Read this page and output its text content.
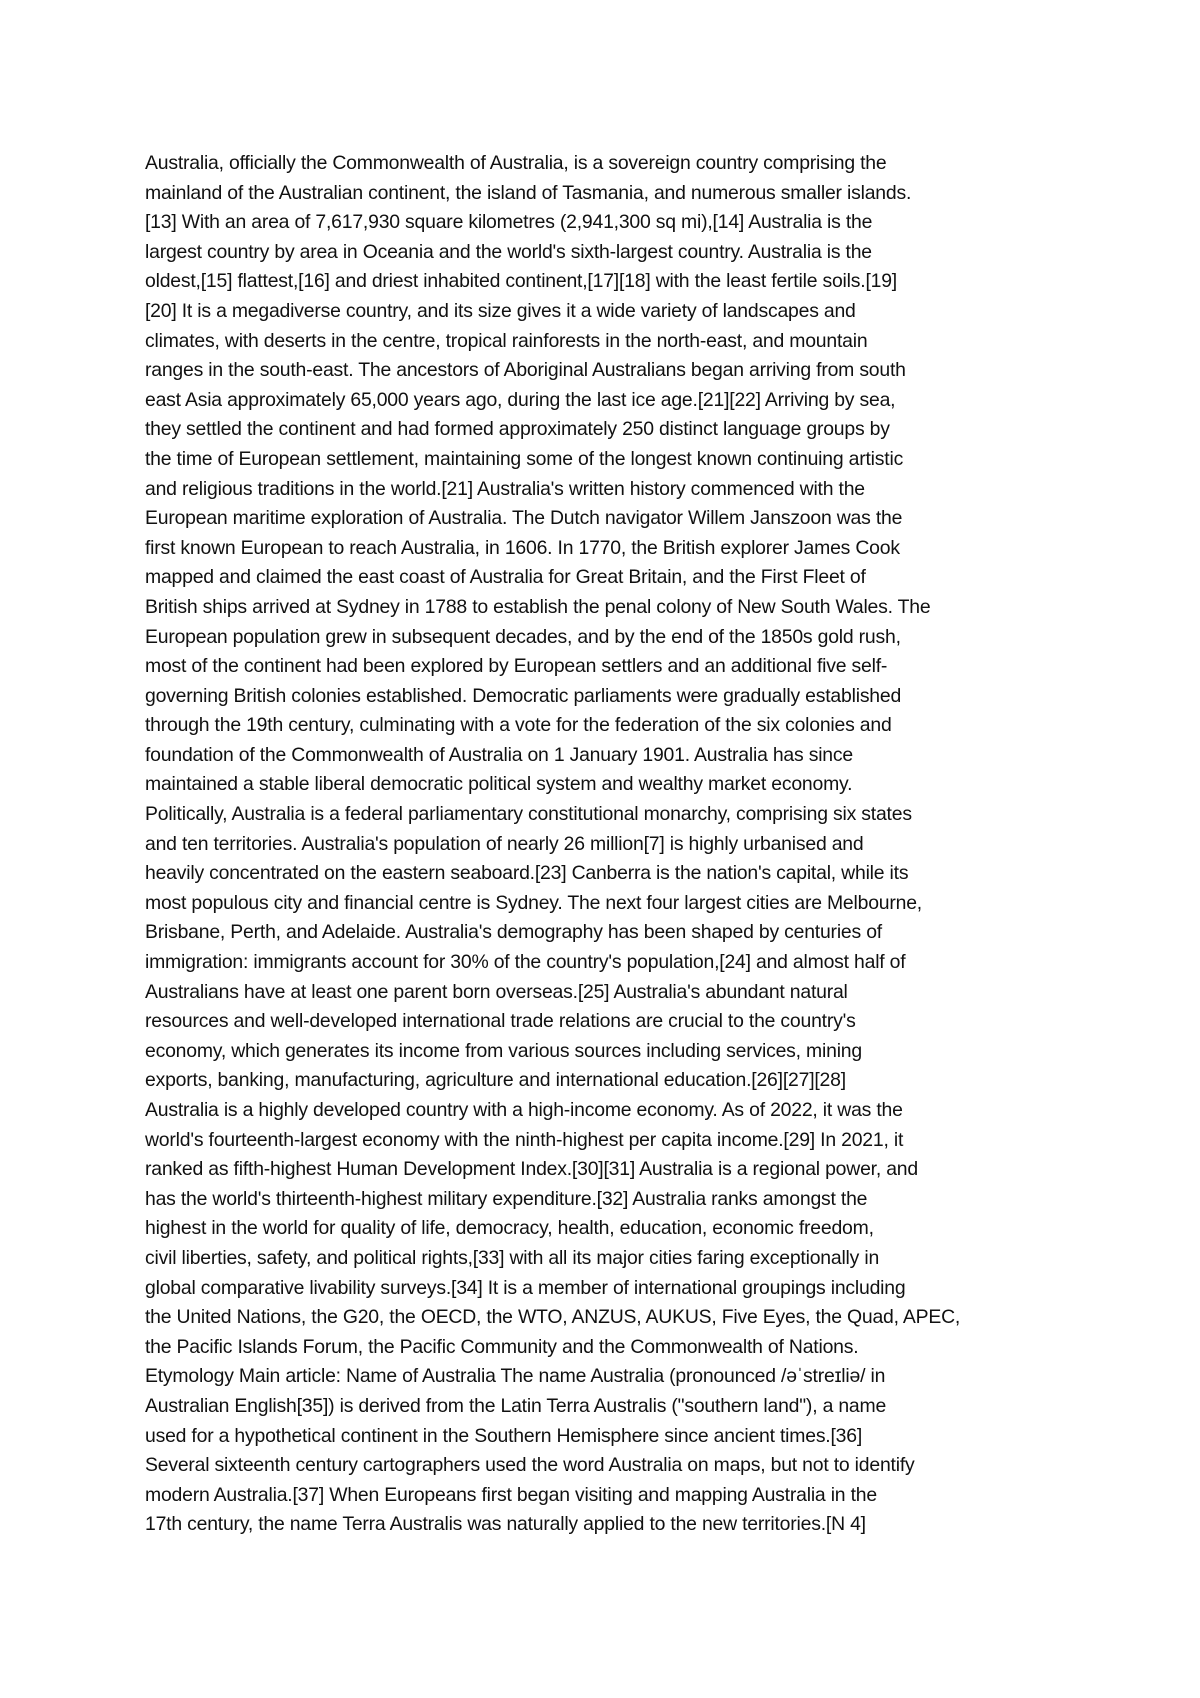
Australia, officially the Commonwealth of Australia, is a sovereign country comprising the
mainland of the Australian continent, the island of Tasmania, and numerous smaller islands.
[13] With an area of 7,617,930 square kilometres (2,941,300 sq mi),[14] Australia is the
largest country by area in Oceania and the world's sixth-largest country. Australia is the
oldest,[15] flattest,[16] and driest inhabited continent,[17][18] with the least fertile soils.[19]
[20] It is a megadiverse country, and its size gives it a wide variety of landscapes and
climates, with deserts in the centre, tropical rainforests in the north-east, and mountain
ranges in the south-east. The ancestors of Aboriginal Australians began arriving from south
east Asia approximately 65,000 years ago, during the last ice age.[21][22] Arriving by sea,
they settled the continent and had formed approximately 250 distinct language groups by
the time of European settlement, maintaining some of the longest known continuing artistic
and religious traditions in the world.[21] Australia's written history commenced with the
European maritime exploration of Australia. The Dutch navigator Willem Janszoon was the
first known European to reach Australia, in 1606. In 1770, the British explorer James Cook
mapped and claimed the east coast of Australia for Great Britain, and the First Fleet of
British ships arrived at Sydney in 1788 to establish the penal colony of New South Wales. The
European population grew in subsequent decades, and by the end of the 1850s gold rush,
most of the continent had been explored by European settlers and an additional five self-
governing British colonies established. Democratic parliaments were gradually established
through the 19th century, culminating with a vote for the federation of the six colonies and
foundation of the Commonwealth of Australia on 1 January 1901. Australia has since
maintained a stable liberal democratic political system and wealthy market economy.
Politically, Australia is a federal parliamentary constitutional monarchy, comprising six states
and ten territories. Australia's population of nearly 26 million[7] is highly urbanised and
heavily concentrated on the eastern seaboard.[23] Canberra is the nation's capital, while its
most populous city and financial centre is Sydney. The next four largest cities are Melbourne,
Brisbane, Perth, and Adelaide. Australia's demography has been shaped by centuries of
immigration: immigrants account for 30% of the country's population,[24] and almost half of
Australians have at least one parent born overseas.[25] Australia's abundant natural
resources and well-developed international trade relations are crucial to the country's
economy, which generates its income from various sources including services, mining
exports, banking, manufacturing, agriculture and international education.[26][27][28]
Australia is a highly developed country with a high-income economy. As of 2022, it was the
world's fourteenth-largest economy with the ninth-highest per capita income.[29] In 2021, it
ranked as fifth-highest Human Development Index.[30][31] Australia is a regional power, and
has the world's thirteenth-highest military expenditure.[32] Australia ranks amongst the
highest in the world for quality of life, democracy, health, education, economic freedom,
civil liberties, safety, and political rights,[33] with all its major cities faring exceptionally in
global comparative livability surveys.[34] It is a member of international groupings including
the United Nations, the G20, the OECD, the WTO, ANZUS, AUKUS, Five Eyes, the Quad, APEC,
the Pacific Islands Forum, the Pacific Community and the Commonwealth of Nations.
Etymology Main article: Name of Australia The name Australia (pronounced /əˈstreɪliə/ in
Australian English[35]) is derived from the Latin Terra Australis ("southern land"), a name
used for a hypothetical continent in the Southern Hemisphere since ancient times.[36]
Several sixteenth century cartographers used the word Australia on maps, but not to identify
modern Australia.[37] When Europeans first began visiting and mapping Australia in the
17th century, the name Terra Australis was naturally applied to the new territories.[N 4]
